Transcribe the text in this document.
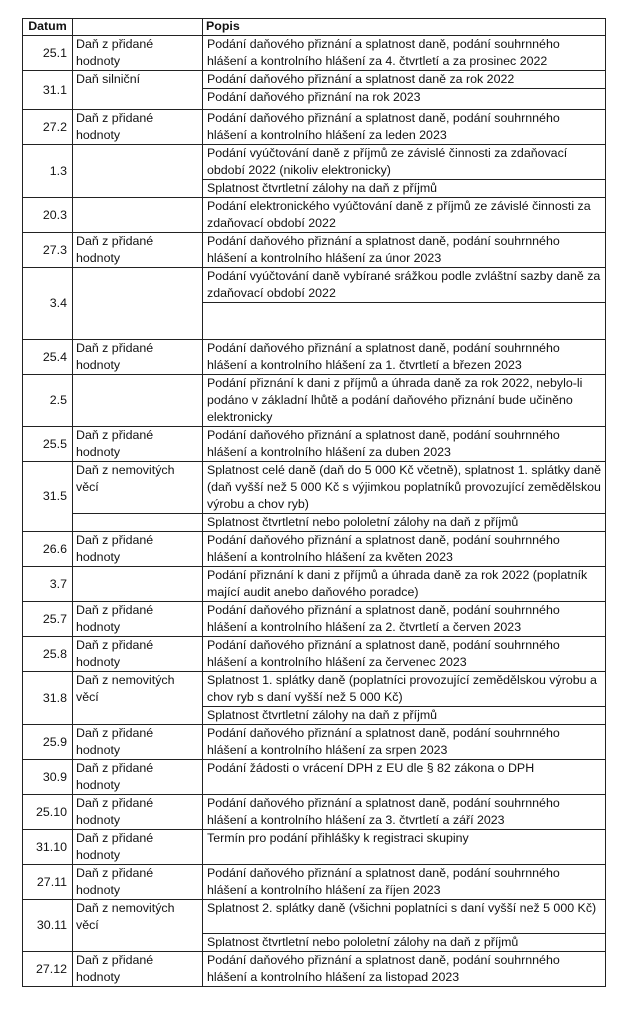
Datum		Popis
25.1	Daň z přidané hodnoty	Podání daňového přiznání a splatnost daně, podání souhrnného hlášení a kontrolního hlášení za 4. čtvrtletí a za prosinec 2022
31.1	Daň silniční	Podání daňového přiznání a splatnost daně za rok 2022
		Podání daňového přiznání na rok 2023
27.2	Daň z přidané hodnoty	Podání daňového přiznání a splatnost daně, podání souhrnného hlášení a kontrolního hlášení za leden 2023
1.3		Podání vyúčtování daně z příjmů ze závislé činnosti za zdaňovací období 2022 (nikoliv elektronicky)
		Splatnost čtvrtletní zálohy na daň z příjmů
20.3		Podání elektronického vyúčtování daně z příjmů ze závislé činnosti za zdaňovací období 2022
27.3	Daň z přidané hodnoty	Podání daňového přiznání a splatnost daně, podání souhrnného hlášení a kontrolního hlášení za únor 2023
3.4		Podání vyúčtování daně vybírané srážkou podle zvláštní sazby daně za zdaňovací období 2022

25.4	Daň z přidané hodnoty	Podání daňového přiznání a splatnost daně, podání souhrnného hlášení a kontrolního hlášení za 1. čtvrtletí a březen 2023
2.5		Podání přiznání k dani z příjmů a úhrada daně za rok 2022, nebylo-li podáno v základní lhůtě a podání daňového přiznání bude učiněno elektronicky
25.5	Daň z přidané hodnoty	Podání daňového přiznání a splatnost daně, podání souhrnného hlášení a kontrolního hlášení za duben 2023
31.5	Daň z nemovitých věcí	Splatnost celé daně (daň do 5 000 Kč včetně), splatnost 1. splátky daně (daň vyšší než 5 000 Kč s výjimkou poplatníků provozující zemědělskou výrobu a chov ryb)
		Splatnost čtvrtletní nebo pololetní zálohy na daň z příjmů
26.6	Daň z přidané hodnoty	Podání daňového přiznání a splatnost daně, podání souhrnného hlášení a kontrolního hlášení za květen 2023
3.7		Podání přiznání k dani z příjmů a úhrada daně za rok 2022 (poplatník mající audit anebo daňového poradce)
25.7	Daň z přidané hodnoty	Podání daňového přiznání a splatnost daně, podání souhrnného hlášení a kontrolního hlášení za 2. čtvrtletí a červen 2023
25.8	Daň z přidané hodnoty	Podání daňového přiznání a splatnost daně, podání souhrnného hlášení a kontrolního hlášení za červenec 2023
31.8	Daň z nemovitých věcí	Splatnost 1. splátky daně (poplatníci provozující zemědělskou výrobu a chov ryb s daní vyšší než 5 000 Kč)
		Splatnost čtvrtletní zálohy na daň z příjmů
25.9	Daň z přidané hodnoty	Podání daňového přiznání a splatnost daně, podání souhrnného hlášení a kontrolního hlášení za srpen 2023
30.9	Daň z přidané hodnoty	Podání žádosti o vrácení DPH z EU dle § 82 zákona o DPH
25.10	Daň z přidané hodnoty	Podání daňového přiznání a splatnost daně, podání souhrnného hlášení a kontrolního hlášení za 3. čtvrtletí a září 2023
31.10	Daň z přidané hodnoty	Termín pro podání přihlášky k registraci skupiny
27.11	Daň z přidané hodnoty	Podání daňového přiznání a splatnost daně, podání souhrnného hlášení a kontrolního hlášení za říjen 2023
30.11	Daň z nemovitých věcí	Splatnost 2. splátky daně (všichni poplatníci s daní vyšší než 5 000 Kč)
		Splatnost čtvrtletní nebo pololetní zálohy na daň z příjmů
27.12	Daň z přidané hodnoty	Podání daňového přiznání a splatnost daně, podání souhrnného hlášení a kontrolního hlášení za listopad 2023
